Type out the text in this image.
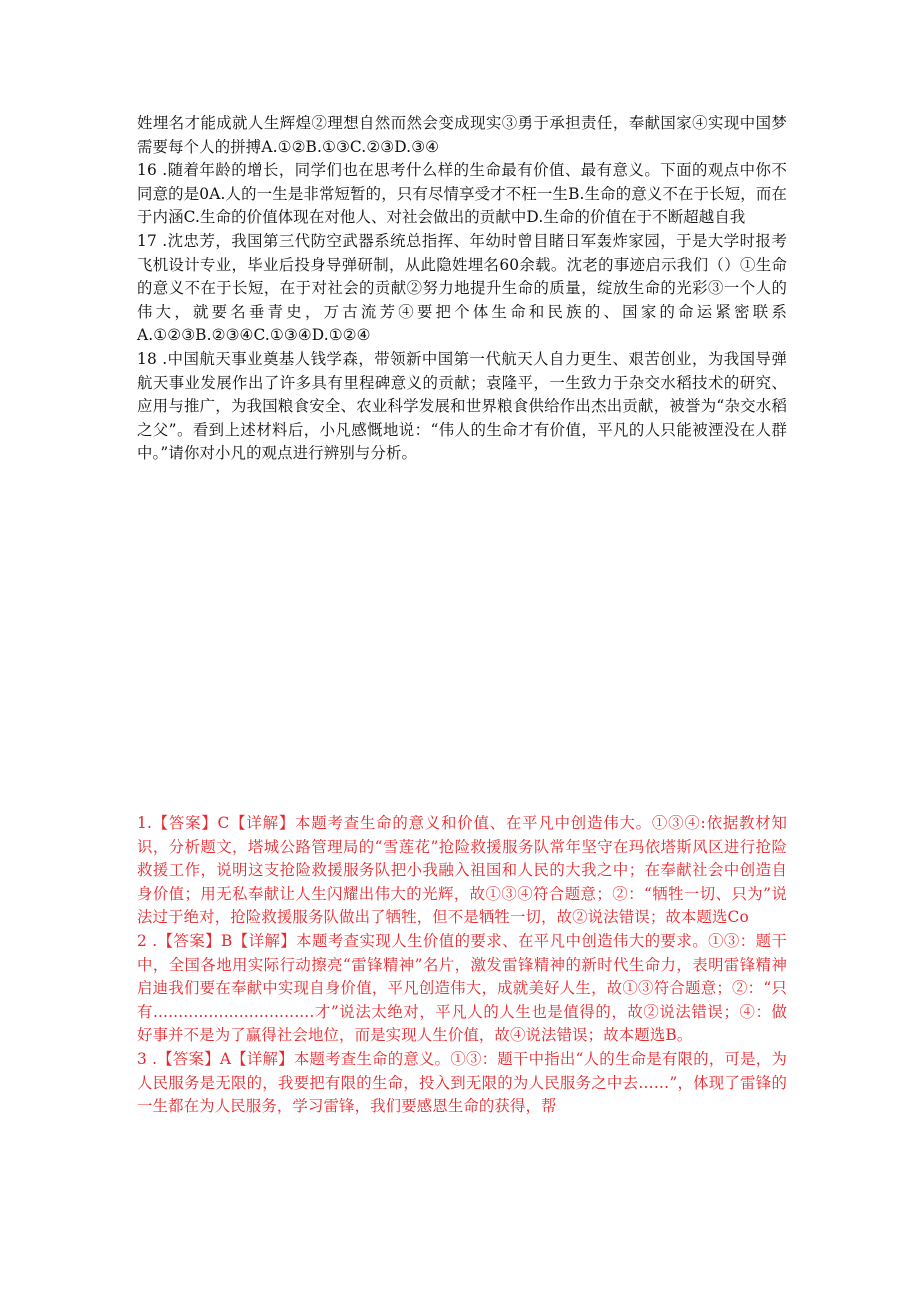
姓埋名才能成就人生辉煌②理想自然而然会变成现实③勇于承担责任，奉献国家④实现中国梦需要每个人的拼搏A.①②B.①③C.②③D.③④

16 .随着年龄的增长，同学们也在思考什么样的生命最有价值、最有意义。下面的观点中你不同意的是0A.人的一生是非常短暂的，只有尽情享受才不枉一生B.生命的意义不在于长短，而在于内涵C.生命的价值体现在对他人、对社会做出的贡献中D.生命的价值在于不断超越自我

17 .沈忠芳，我国第三代防空武器系统总指挥、年幼时曾目睹日军轰炸家园，于是大学时报考飞机设计专业，毕业后投身导弹研制，从此隐姓埋名60余载。沈老的事迹启示我们（）①生命的意义不在于长短，在于对社会的贡献②努力地提升生命的质量，绽放生命的光彩③一个人的伟大，就要名垂青史，万古流芳④要把个体生命和民族的、国家的命运紧密联系A.①②③B.②③④C.①③④D.①②④

18 .中国航天事业奠基人钱学森，带领新中国第一代航天人自力更生、艰苦创业，为我国导弹航天事业发展作出了许多具有里程碑意义的贡献；袁隆平，一生致力于杂交水稻技术的研究、应用与推广，为我国粮食安全、农业科学发展和世界粮食供给作出杰出贡献，被誉为“杂交水稻之父”。看到上述材料后，小凡感慨地说：“伟人的生命才有价值，平凡的人只能被湮没在人群中。”请你对小凡的观点进行辨别与分析。

1.【答案】C【详解】本题考查生命的意义和价值、在平凡中创造伟大。①③④:依据教材知识，分析题文，塔城公路管理局的“雪莲花”抢险救援服务队常年坚守在玛依塔斯风区进行抢险救援工作，说明这支抢险救援服务队把小我融入祖国和人民的大我之中；在奉献社会中创造自身价值；用无私奉献让人生闪耀出伟大的光辉，故①③④符合题意；②：“牺牲一切、只为”说法过于绝对，抢险救援服务队做出了牺牲，但不是牺牲一切，故②说法错误；故本题选Co

2 .【答案】B【详解】本题考查实现人生价值的要求、在平凡中创造伟大的要求。①③：题干中，全国各地用实际行动擦亮“雷锋精神”名片，激发雷锋精神的新时代生命力，表明雷锋精神启迪我们要在奉献中实现自身价值，平凡创造伟大，成就美好人生，故①③符合题意；②：“只有................................才”说法太绝对，平凡人的人生也是值得的，故②说法错误；④：做好事并不是为了赢得社会地位，而是实现人生价值，故④说法错误；故本题选B。

3 .【答案】A【详解】本题考查生命的意义。①③：题干中指出“人的生命是有限的，可是，为人民服务是无限的，我要把有限的生命，投入到无限的为人民服务之中去……”，体现了雷锋的一生都在为人民服务，学习雷锋，我们要感恩生命的获得，帮
